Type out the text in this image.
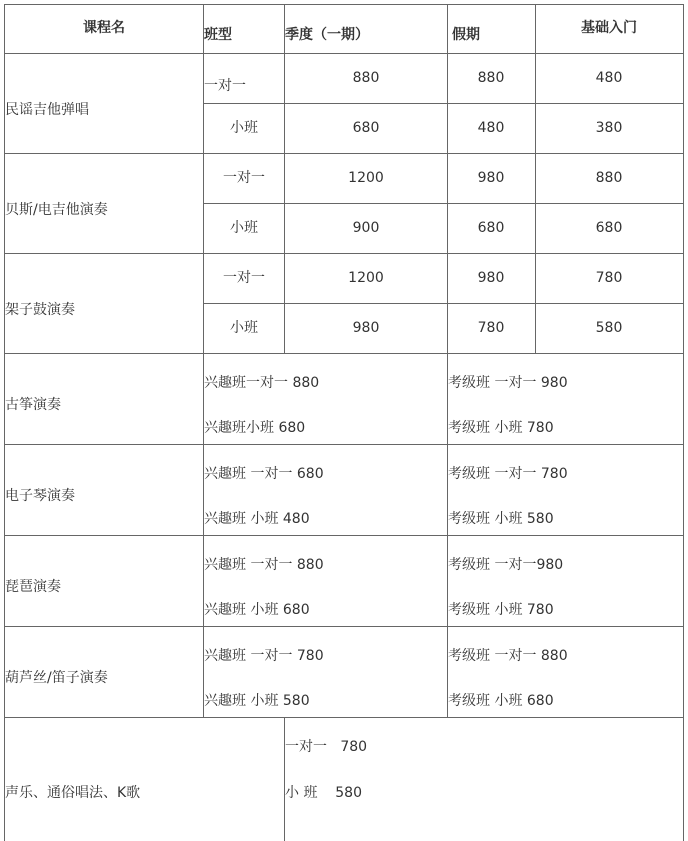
课程名	班型	季度（一期）	假期	基础入门
民谣吉他弹唱
一对一	880	880	480
小班	680	480	380
贝斯/电吉他演奏
一对一	1200	980	880
小班	900	680	680
架子鼓演奏
一对一	1200	980	780
小班	980	780	580
古筝演奏
兴趣班一对一 880
兴趣班小班 680
考级班 一对一 980
考级班 小班 780
电子琴演奏
兴趣班 一对一 680
兴趣班 小班 480
考级班 一对一 780
考级班 小班 580
琵琶演奏
兴趣班 一对一 880
兴趣班 小班 680
考级班 一对一980
考级班 小班 780
葫芦丝/笛子演奏
兴趣班 一对一 780
兴趣班 小班 580
考级班 一对一 880
考级班 小班 680
声乐、通俗唱法、K歌
一对一   780
小 班    580
